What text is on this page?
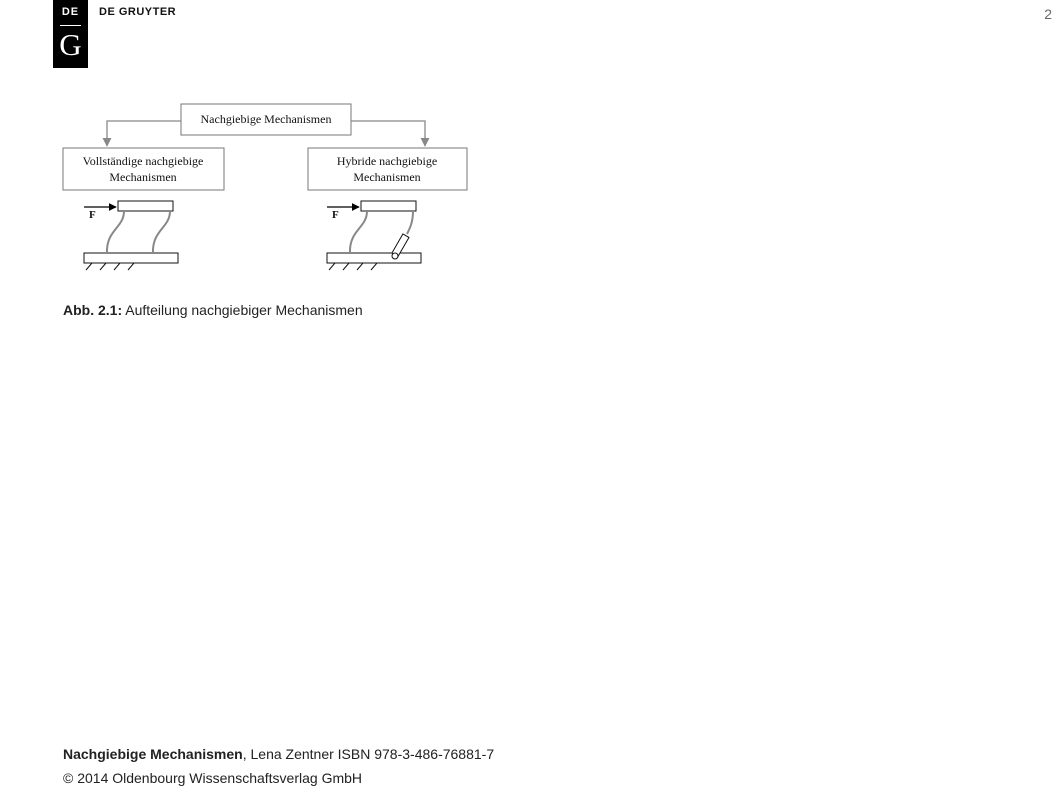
DE
G
DE GRUYTER	2
Nachgiebige Mechanismen
Vollständige nachgiebige
Mechanismen
Hybride nachgiebige
Mechanismen
F	F
Abb. 2.1: Aufteilung nachgiebiger Mechanismen
Nachgiebige Mechanismen, Lena Zentner ISBN 978-3-486-76881-7
© 2014 Oldenbourg Wissenschaftsverlag GmbH
